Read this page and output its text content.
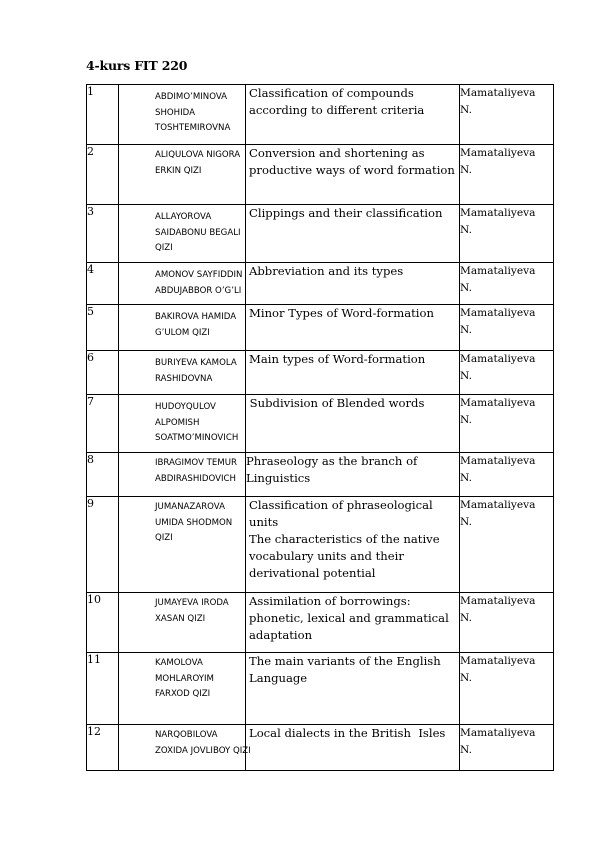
4-kurs FIT 220
1	ABDIMO’MINOVA
SHOHIDA
TOSHTEMIROVNA	Classification of compounds
according to different criteria	Mamataliyeva
N.

2	ALIQULOVA NIGORA
ERKIN QIZI	Conversion and shortening as
productive ways of word formation	Mamataliyeva
N.

3	ALLAYOROVA
SAIDABONU BEGALI
QIZI	Clippings and their classification	Mamataliyeva
N.

4	AMONOV SAYFIDDIN
ABDUJABBOR O’G’LI	Abbreviation and its types	Mamataliyeva
N.

5	BAKIROVA HAMIDA
G’ULOM QIZI	Minor Types of Word-formation	Mamataliyeva
N.

6	BURIYEVA KAMOLA
RASHIDOVNA	Main types of Word-formation	Mamataliyeva
N.

7	HUDOYQULOV
ALPOMISH
SOATMO’MINOVICH	Subdivision of Blended words	Mamataliyeva
N.

8	IBRAGIMOV TEMUR
ABDIRASHIDOVICH	Phraseology as the branch of
Linguistics	Mamataliyeva
N.

9	JUMANAZAROVA
UMIDA SHODMON
QIZI	Classification of phraseological
units
The characteristics of the native
vocabulary units and their
derivational potential	Mamataliyeva
N.

10	JUMAYEVA IRODA
XASAN QIZI	Assimilation of borrowings:
phonetic, lexical and grammatical
adaptation	Mamataliyeva
N.

11	KAMOLOVA
MOHLAROYIM
FARXOD QIZI	The main variants of the English
Language	Mamataliyeva
N.

12	NARQOBILOVA
ZOXIDA JOVLIBOY QIZI	Local dialects in the British  Isles	Mamataliyeva
N.
